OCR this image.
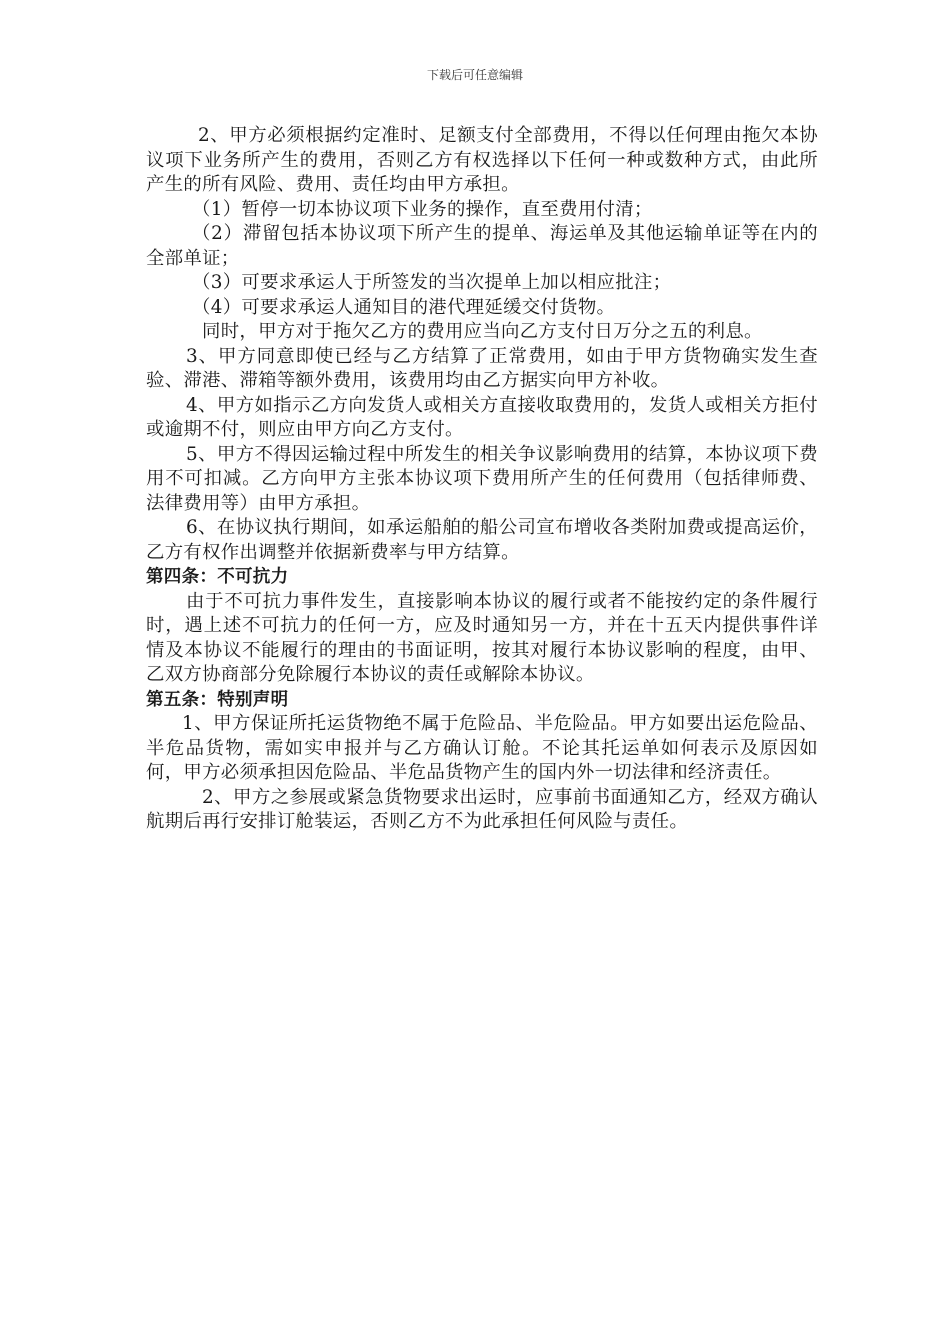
下载后可任意编辑

2、甲方必须根据约定准时、足额支付全部费用，不得以任何理由拖欠本协议项下业务所产生的费用，否则乙方有权选择以下任何一种或数种方式，由此所产生的所有风险、费用、责任均由甲方承担。

（1）暂停一切本协议项下业务的操作，直至费用付清；

（2）滞留包括本协议项下所产生的提单、海运单及其他运输单证等在内的全部单证；

（3）可要求承运人于所签发的当次提单上加以相应批注；

（4）可要求承运人通知目的港代理延缓交付货物。

同时，甲方对于拖欠乙方的费用应当向乙方支付日万分之五的利息。

3、甲方同意即使已经与乙方结算了正常费用，如由于甲方货物确实发生查验、滞港、滞箱等额外费用，该费用均由乙方据实向甲方补收。

4、甲方如指示乙方向发货人或相关方直接收取费用的，发货人或相关方拒付或逾期不付，则应由甲方向乙方支付。

5、甲方不得因运输过程中所发生的相关争议影响费用的结算，本协议项下费用不可扣减。乙方向甲方主张本协议项下费用所产生的任何费用（包括律师费、法律费用等）由甲方承担。

6、在协议执行期间，如承运船舶的船公司宣布增收各类附加费或提高运价，乙方有权作出调整并依据新费率与甲方结算。

第四条：不可抗力

由于不可抗力事件发生，直接影响本协议的履行或者不能按约定的条件履行时，遇上述不可抗力的任何一方，应及时通知另一方，并在十五天内提供事件详情及本协议不能履行的理由的书面证明，按其对履行本协议影响的程度，由甲、乙双方协商部分免除履行本协议的责任或解除本协议。

第五条：特别声明

1、甲方保证所托运货物绝不属于危险品、半危险品。甲方如要出运危险品、半危品货物，需如实申报并与乙方确认订舱。不论其托运单如何表示及原因如何，甲方必须承担因危险品、半危品货物产生的国内外一切法律和经济责任。

2、甲方之参展或紧急货物要求出运时，应事前书面通知乙方，经双方确认航期后再行安排订舱装运，否则乙方不为此承担任何风险与责任。
